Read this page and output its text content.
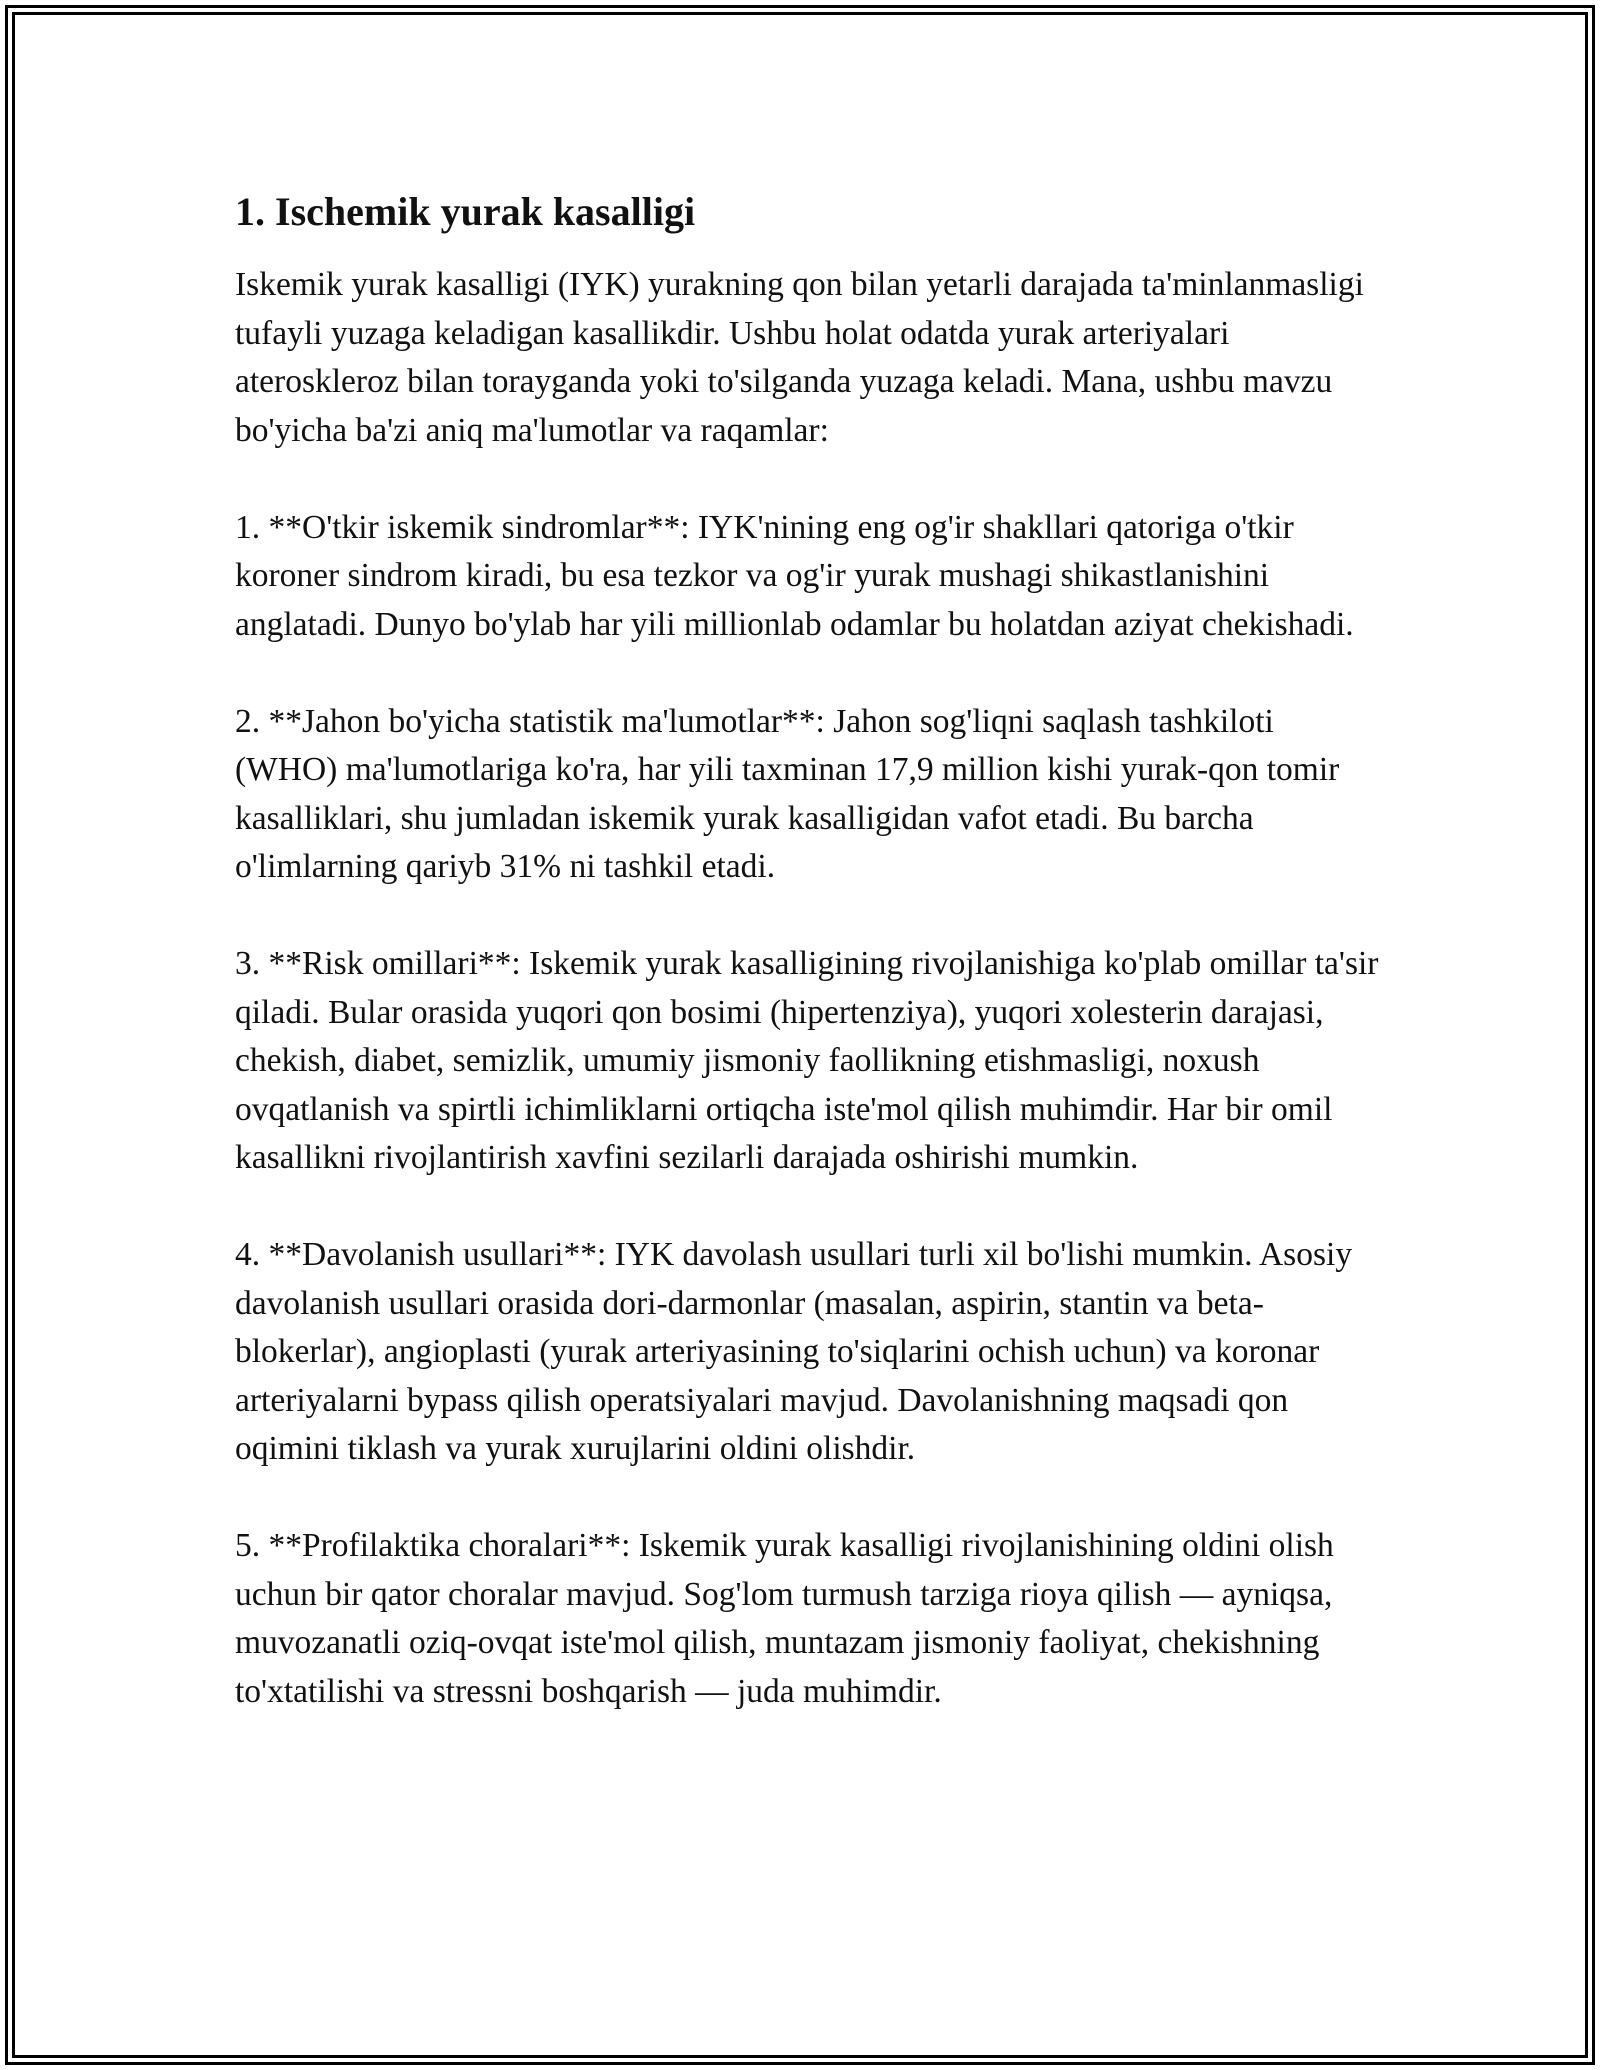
1. Ischemik yurak kasalligi

Iskemik yurak kasalligi (IYK) yurakning qon bilan yetarli darajada ta'minlanmasligi tufayli yuzaga keladigan kasallikdir. Ushbu holat odatda yurak arteriyalari ateroskleroz bilan torayganda yoki to'silganda yuzaga keladi. Mana, ushbu mavzu bo'yicha ba'zi aniq ma'lumotlar va raqamlar:

1. **O'tkir iskemik sindromlar**: IYK'nining eng og'ir shakllari qatoriga o'tkir koroner sindrom kiradi, bu esa tezkor va og'ir yurak mushagi shikastlanishini anglatadi. Dunyo bo'ylab har yili millionlab odamlar bu holatdan aziyat chekishadi.

2. **Jahon bo'yicha statistik ma'lumotlar**: Jahon sog'liqni saqlash tashkiloti (WHO) ma'lumotlariga ko'ra, har yili taxminan 17,9 million kishi yurak-qon tomir kasalliklari, shu jumladan iskemik yurak kasalligidan vafot etadi. Bu barcha o'limlarning qariyb 31% ni tashkil etadi.

3. **Risk omillari**: Iskemik yurak kasalligining rivojlanishiga ko'plab omillar ta'sir qiladi. Bular orasida yuqori qon bosimi (hipertenziya), yuqori xolesterin darajasi, chekish, diabet, semizlik, umumiy jismoniy faollikning etishmasligi, noxush ovqatlanish va spirtli ichimliklarni ortiqcha iste'mol qilish muhimdir. Har bir omil kasallikni rivojlantirish xavfini sezilarli darajada oshirishi mumkin.

4. **Davolanish usullari**: IYK davolash usullari turli xil bo'lishi mumkin. Asosiy davolanish usullari orasida dori-darmonlar (masalan, aspirin, stantin va beta-blokerlar), angioplasti (yurak arteriyasining to'siqlarini ochish uchun) va koronar arteriyalarni bypass qilish operatsiyalari mavjud. Davolanishning maqsadi qon oqimini tiklash va yurak xurujlarini oldini olishdir.

5. **Profilaktika choralari**: Iskemik yurak kasalligi rivojlanishining oldini olish uchun bir qator choralar mavjud. Sog'lom turmush tarziga rioya qilish — ayniqsa, muvozanatli oziq-ovqat iste'mol qilish, muntazam jismoniy faoliyat, chekishning to'xtatilishi va stressni boshqarish — juda muhimdir.
